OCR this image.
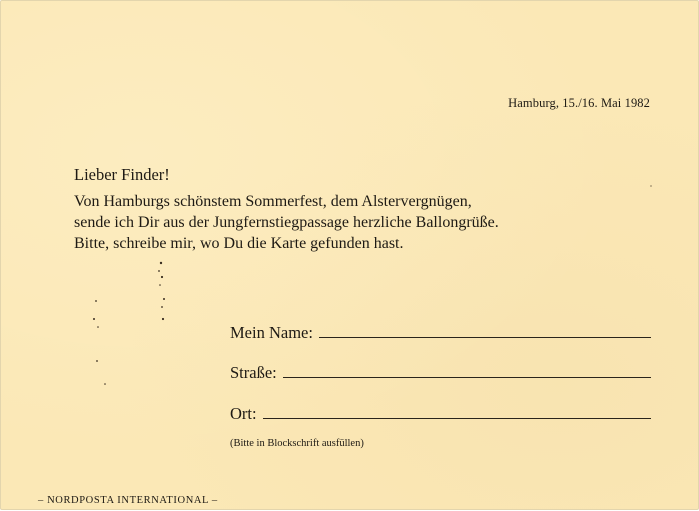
Hamburg, 15./16. Mai 1982
Lieber Finder!
Von Hamburgs schönstem Sommerfest, dem Alstervergnügen,
sende ich Dir aus der Jungfernstiegpassage herzliche Ballongrüße.
Bitte, schreibe mir, wo Du die Karte gefunden hast.
Mein Name:
Straße:
Ort:
(Bitte in Blockschrift ausfüllen)
– NORDPOSTA INTERNATIONAL –
